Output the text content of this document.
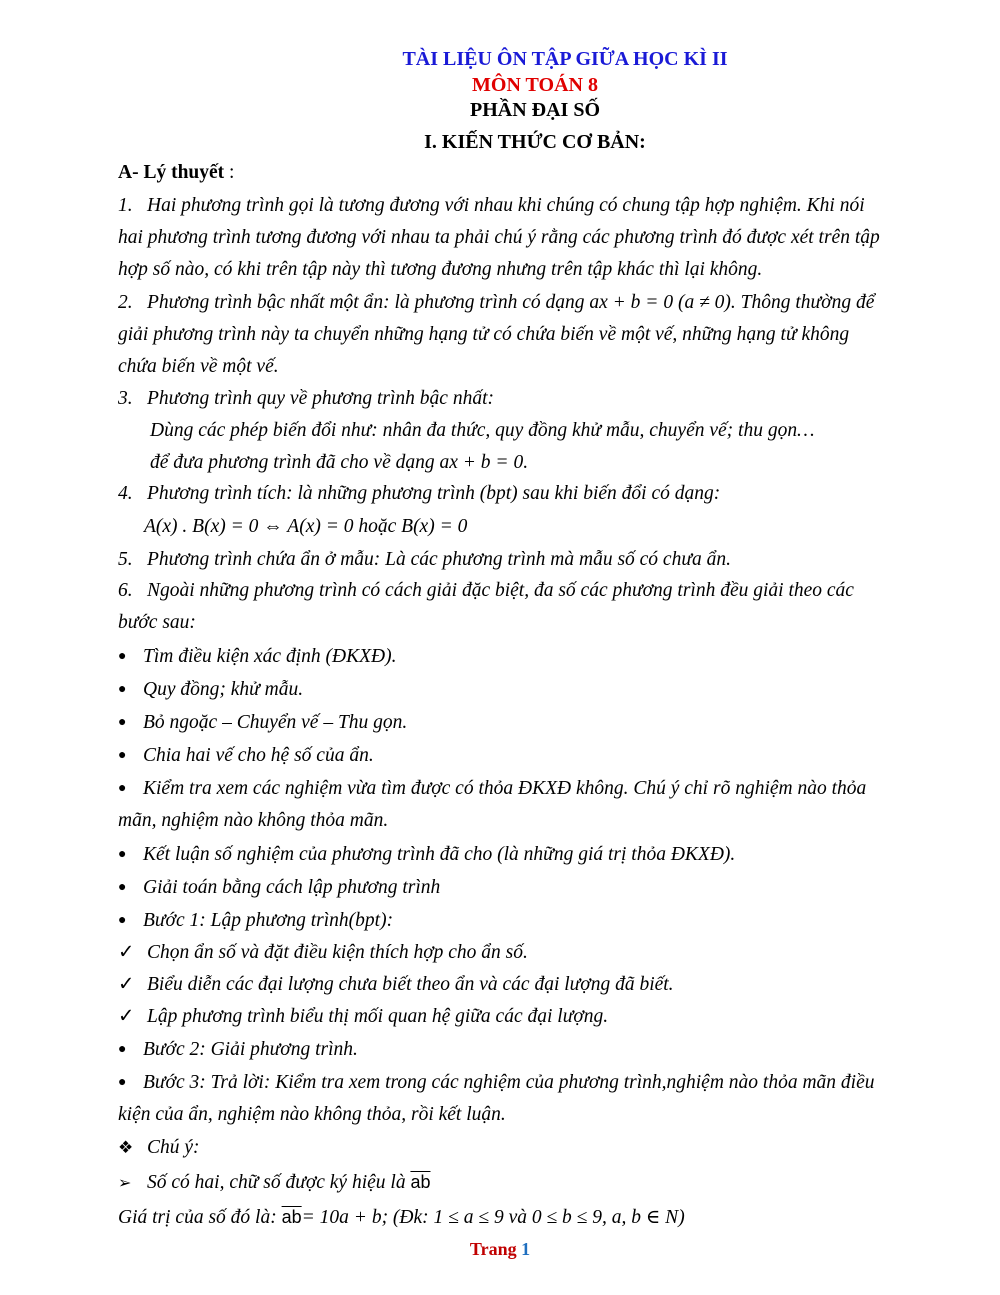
TÀI LIỆU ÔN TẬP GIỮA HỌC KÌ II
MÔN TOÁN 8
PHẦN ĐẠI SỐ
I. KIẾN THỨC CƠ BẢN:
A- Lý thuyết :
1. Hai phương trình gọi là tương đương với nhau khi chúng có chung tập hợp nghiệm. Khi nói
hai phương trình tương đương với nhau ta phải chú ý rằng các phương trình đó được xét trên tập
hợp số nào, có khi trên tập này thì tương đương nhưng trên tập khác thì lại không.
2. Phương trình bậc nhất một ẩn: là phương trình có dạng ax + b = 0 (a ≠ 0). Thông thường để
giải phương trình này ta chuyển những hạng tử có chứa biến về một vế, những hạng tử không
chứa biến về một vế.
3. Phương trình quy về phương trình bậc nhất:
Dùng các phép biến đổi như: nhân đa thức, quy đồng khử mẫu, chuyển vế; thu gọn…
để đưa phương trình đã cho về dạng ax + b = 0.
4. Phương trình tích: là những phương trình (bpt) sau khi biến đổi có dạng:
A(x) . B(x) = 0 ⇔ A(x) = 0 hoặc B(x) = 0
5. Phương trình chứa ẩn ở mẫu: Là các phương trình mà mẫu số có chưa ẩn.
6. Ngoài những phương trình có cách giải đặc biệt, đa số các phương trình đều giải theo các
bước sau:
● Tìm điều kiện xác định (ĐKXĐ).
● Quy đồng; khử mẫu.
● Bỏ ngoặc – Chuyển vế – Thu gọn.
● Chia hai vế cho hệ số của ẩn.
● Kiểm tra xem các nghiệm vừa tìm được có thỏa ĐKXĐ không. Chú ý chỉ rõ nghiệm nào thỏa
mãn, nghiệm nào không thỏa mãn.
● Kết luận số nghiệm của phương trình đã cho (là những giá trị thỏa ĐKXĐ).
● Giải toán bằng cách lập phương trình
● Bước 1: Lập phương trình(bpt):
✓ Chọn ẩn số và đặt điều kiện thích hợp cho ẩn số.
✓ Biểu diễn các đại lượng chưa biết theo ẩn và các đại lượng đã biết.
✓ Lập phương trình biểu thị mối quan hệ giữa các đại lượng.
● Bước 2: Giải phương trình.
● Bước 3: Trả lời: Kiểm tra xem trong các nghiệm của phương trình,nghiệm nào thỏa mãn điều
kiện của ẩn, nghiệm nào không thỏa, rồi kết luận.
❖ Chú ý:
➢ Số có hai, chữ số được ký hiệu là $\overline{ab}$
Giá trị của số đó là: $\overline{ab}= 10a + b$; (Đk: 1 ≤ a ≤ 9 và 0 ≤ b ≤ 9, a, b ∈ N)
Trang 1
